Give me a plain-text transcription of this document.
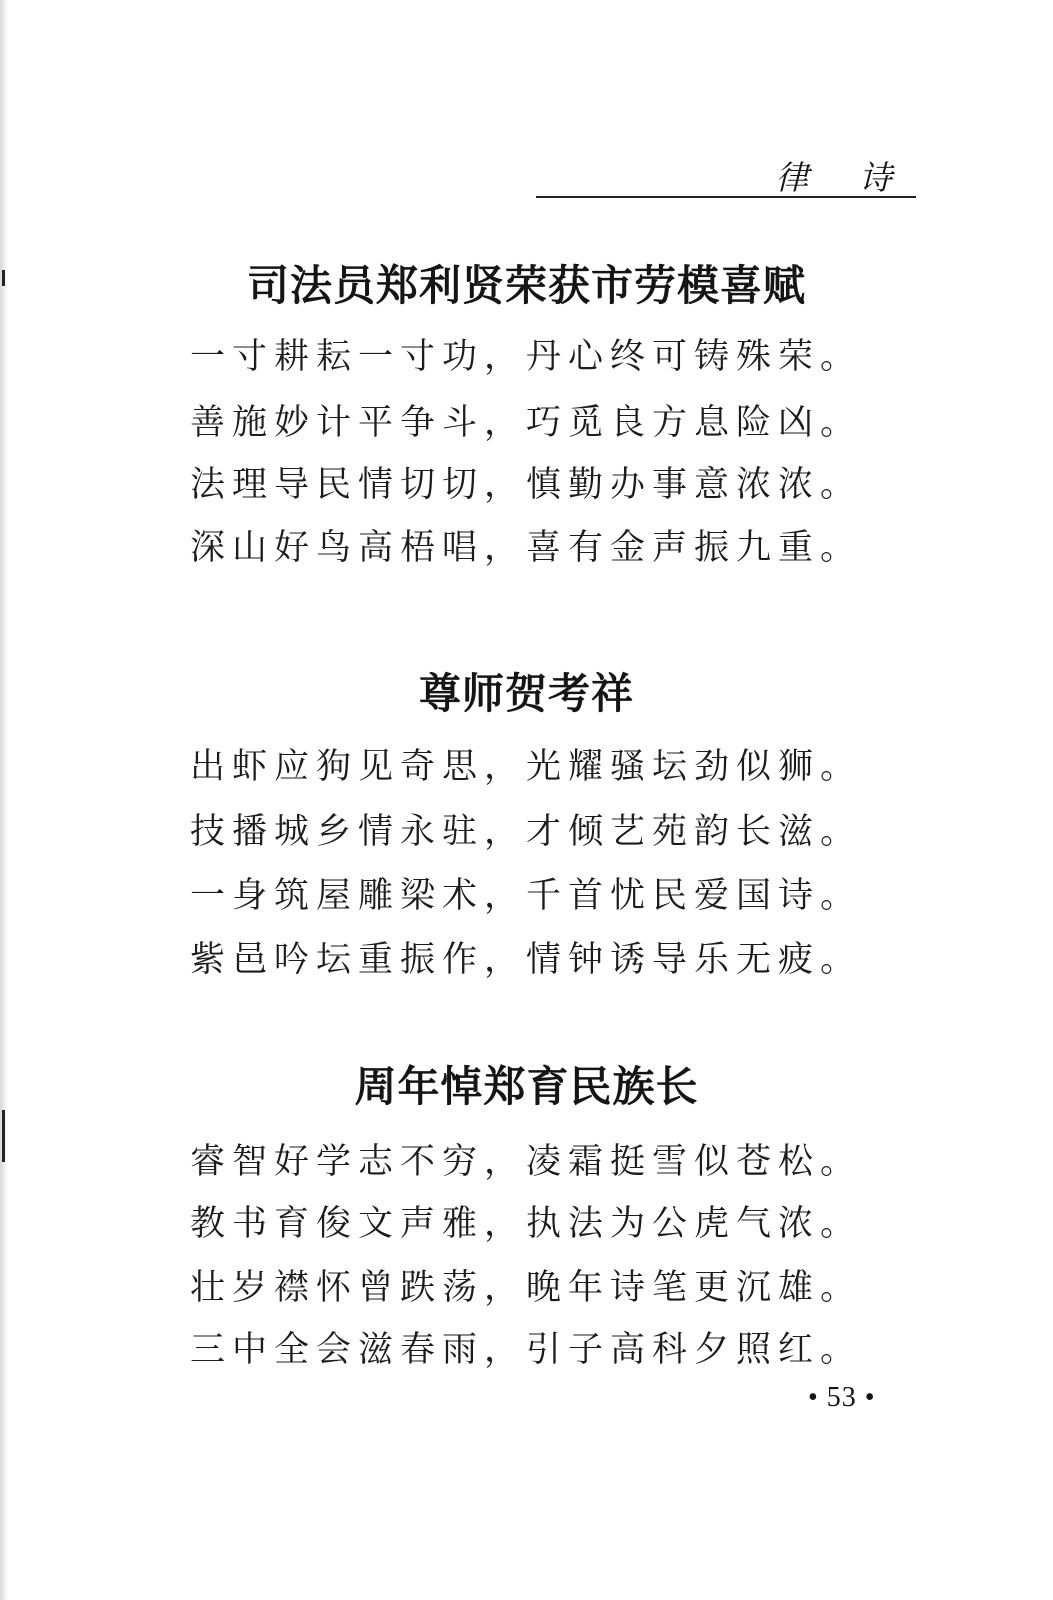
律 诗
司法员郑利贤荣获市劳模喜赋
一寸耕耘一寸功，丹心终可铸殊荣。
善施妙计平争斗，巧觅良方息险凶。
法理导民情切切，慎勤办事意浓浓。
深山好鸟高梧唱，喜有金声振九重。
尊师贺考祥
出虾应狗见奇思，光耀骚坛劲似狮。
技播城乡情永驻，才倾艺苑韵长滋。
一身筑屋雕梁术，千首忧民爱国诗。
紫邑吟坛重振作，情钟诱导乐无疲。
周年悼郑育民族长
睿智好学志不穷，凌霜挺雪似苍松。
教书育俊文声雅，执法为公虎气浓。
壮岁襟怀曾跌荡，晚年诗笔更沉雄。
三中全会滋春雨，引子高科夕照红。
• 53 •
